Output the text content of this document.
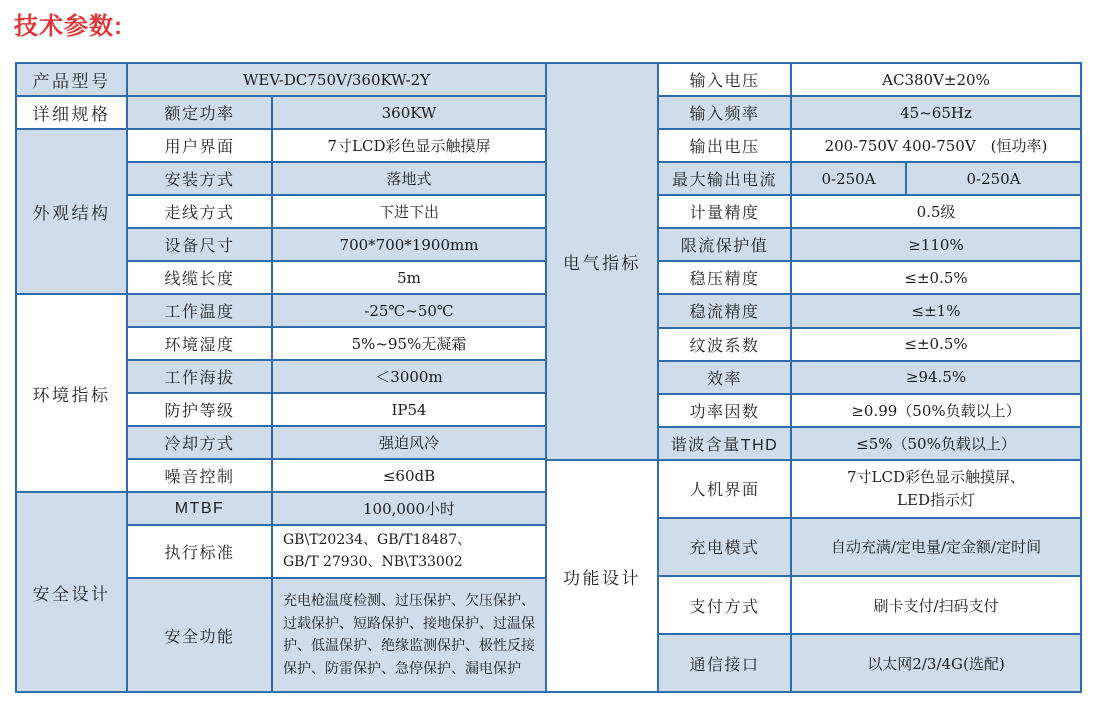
技术参数:
产品型号	WEV-DC750V/360KW-2Y	
详细规格	额定功率	360KW
外观结构	用户界面	7寸LCD彩色显示触摸屏
	安装方式	落地式
	走线方式	下进下出
	设备尺寸	700*700*1900mm
	线缆长度	5m
环境指标	工作温度	-25℃~50℃
	环境湿度	5%~95%无凝霜
	工作海拔	＜3000m
	防护等级	IP54
	冷却方式	强迫风冷
	噪音控制	≤60dB
安全设计	MTBF	100,000小时
	执行标准	GB\T20234、GB/T18487、
GB/T 27930、NB\T33002

	安全功能	充电枪温度检测、过压保护、欠压保护、过载保护、短路保护、接地保护、过温保护、低温保护、绝缘监测保护、极性反接保护、防雷保护、急停保护、漏电保护
电气指标	输入电压	AC380V±20%	
	输入频率	45~65Hz	
	输出电压	200-750V 400-750V　(恒功率)	
	最大输出电流	0-250A	0-250A
	计量精度	0.5级	
	限流保护值	≥110%	
	稳压精度	≤±0.5%	
	稳流精度	≤±1%	
	纹波系数	≤±0.5%	
	效率	≥94.5%	
	功率因数	≥0.99（50%负载以上）	
	谐波含量THD	≤5%（50%负载以上）	
功能设计	人机界面	7寸LCD彩色显示触摸屏、
LED指示灯	

	充电模式	自动充满/定电量/定金额/定时间	
	支付方式	刷卡支付/扫码支付	
	通信接口	以太网2/3/4G(选配)	
